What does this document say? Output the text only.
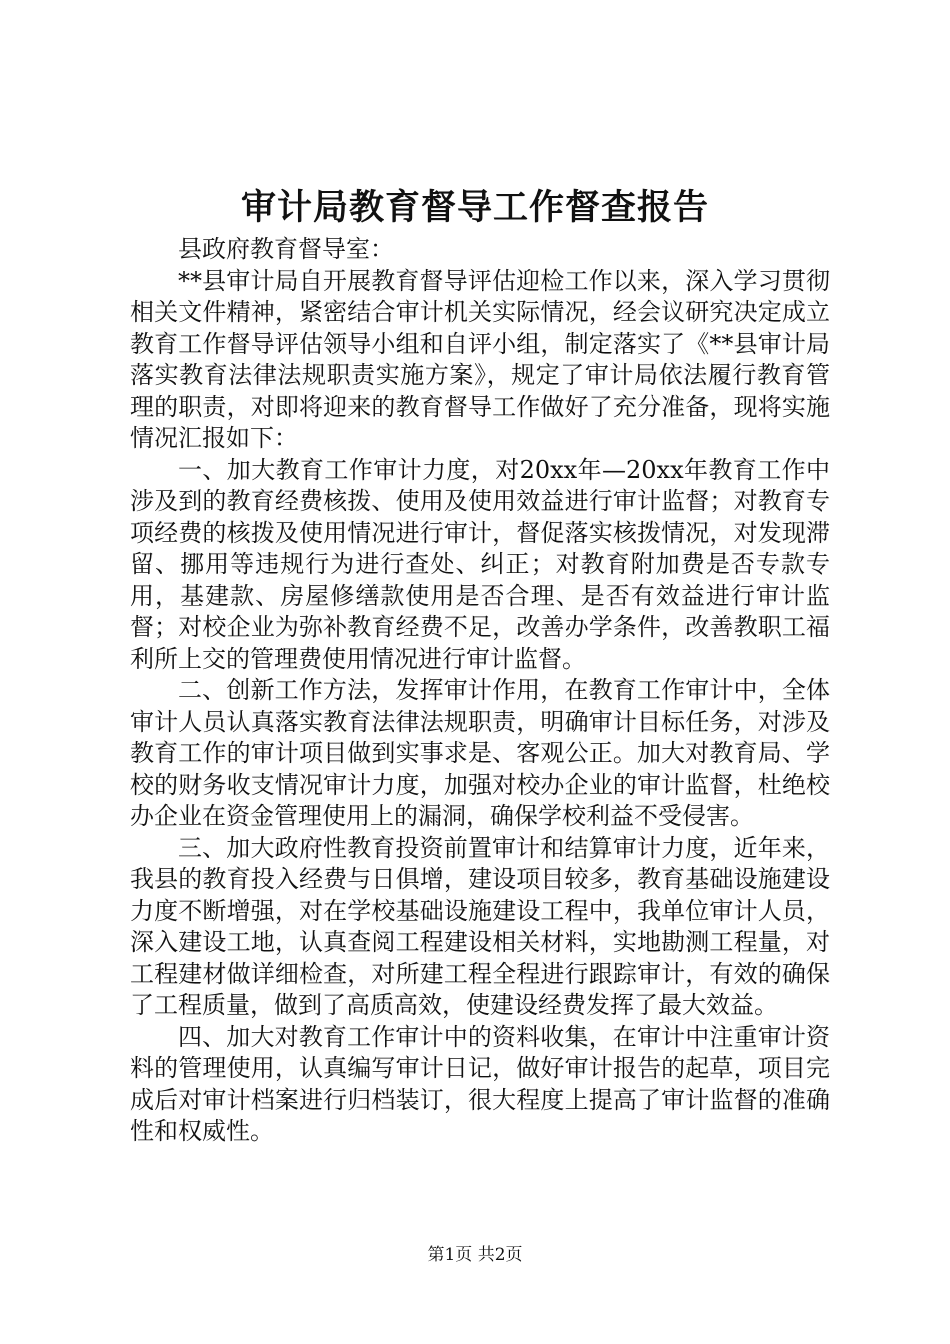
审计局教育督导工作督查报告

县政府教育督导室：

**县审计局自开展教育督导评估迎检工作以来，深入学习贯彻相关文件精神，紧密结合审计机关实际情况，经会议研究决定成立教育工作督导评估领导小组和自评小组，制定落实了《**县审计局落实教育法律法规职责实施方案》，规定了审计局依法履行教育管理的职责，对即将迎来的教育督导工作做好了充分准备，现将实施情况汇报如下：

一、加大教育工作审计力度，对20xx年—20xx年教育工作中涉及到的教育经费核拨、使用及使用效益进行审计监督；对教育专项经费的核拨及使用情况进行审计，督促落实核拨情况，对发现滞留、挪用等违规行为进行查处、纠正；对教育附加费是否专款专用，基建款、房屋修缮款使用是否合理、是否有效益进行审计监督；对校企业为弥补教育经费不足，改善办学条件，改善教职工福利所上交的管理费使用情况进行审计监督。

二、创新工作方法，发挥审计作用，在教育工作审计中，全体审计人员认真落实教育法律法规职责，明确审计目标任务，对涉及教育工作的审计项目做到实事求是、客观公正。加大对教育局、学校的财务收支情况审计力度，加强对校办企业的审计监督，杜绝校办企业在资金管理使用上的漏洞，确保学校利益不受侵害。

三、加大政府性教育投资前置审计和结算审计力度，近年来，我县的教育投入经费与日俱增，建设项目较多，教育基础设施建设力度不断增强，对在学校基础设施建设工程中，我单位审计人员，深入建设工地，认真查阅工程建设相关材料，实地勘测工程量，对工程建材做详细检查，对所建工程全程进行跟踪审计，有效的确保了工程质量，做到了高质高效，使建设经费发挥了最大效益。

四、加大对教育工作审计中的资料收集，在审计中注重审计资料的管理使用，认真编写审计日记，做好审计报告的起草，项目完成后对审计档案进行归档装订，很大程度上提高了审计监督的准确性和权威性。

第1页 共2页
